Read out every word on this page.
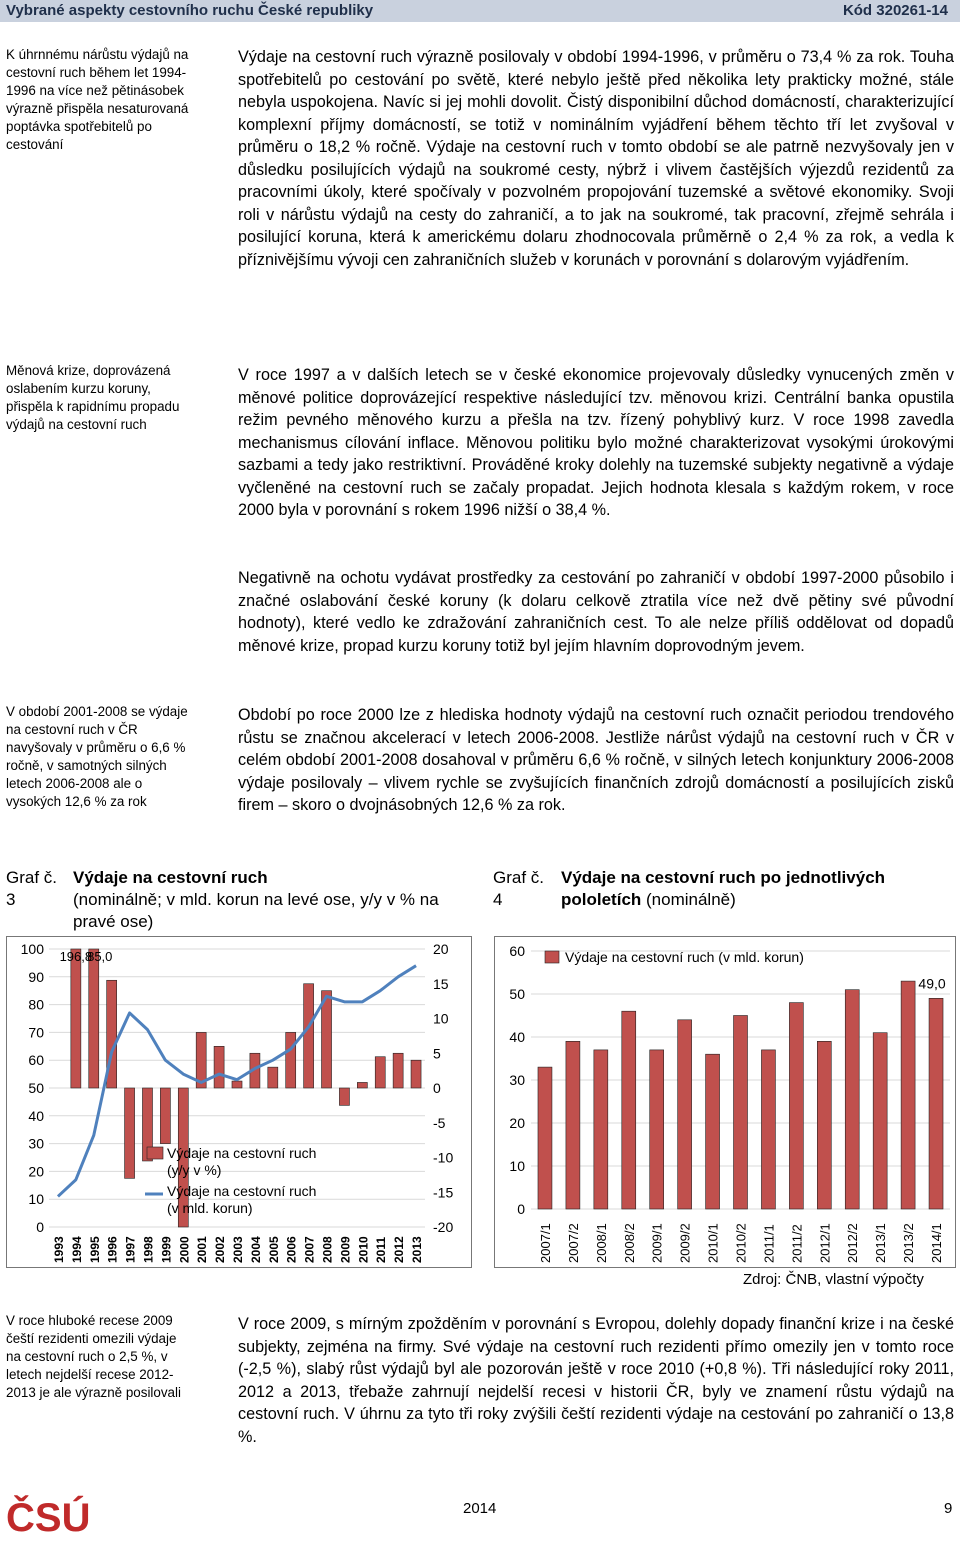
Vybrané aspekty cestovního ruchu České republiky	Kód 320261-14
K úhrnnému nárůstu výdajů na cestovní ruch během let 1994-1996 na více než pětinásobek výrazně přispěla nesaturovaná poptávka spotřebitelů po cestování
Měnová krize, doprovázená oslabením kurzu koruny, přispěla k rapidnímu propadu výdajů na cestovní ruch
V období 2001-2008 se výdaje na cestovní ruch v ČR navyšovaly v průměru o 6,6 % ročně, v samotných silných letech 2006-2008 ale o vysokých 12,6 % za rok
V roce hluboké recese 2009 čeští rezidenti omezili výdaje na cestovní ruch o 2,5 %, v letech nejdelší recese 2012-2013 je ale výrazně posilovali
Výdaje na cestovní ruch výrazně posilovaly v období 1994-1996, v průměru o 73,4 % za rok. Touha spotřebitelů po cestování po světě, které nebylo ještě před několika lety prakticky možné, stále nebyla uspokojena. Navíc si jej mohli dovolit. Čistý disponibilní důchod domácností, charakterizující komplexní příjmy domácností, se totiž v nominálním vyjádření během těchto tří let zvyšoval v průměru o 18,2 % ročně. Výdaje na cestovní ruch v tomto období se ale patrně nezvyšovaly jen v důsledku posilujících výdajů na soukromé cesty, nýbrž i vlivem častějších výjezdů rezidentů za pracovními úkoly, které spočívaly v pozvolném propojování tuzemské a světové ekonomiky. Svoji roli v nárůstu výdajů na cesty do zahraničí, a to jak na soukromé, tak pracovní, zřejmě sehrála i posilující koruna, která k americkému dolaru zhodnocovala průměrně o 2,4 % za rok, a vedla k příznivějšímu vývoji cen zahraničních služeb v korunách v porovnání s dolarovým vyjádřením.
V roce 1997 a v dalších letech se v české ekonomice projevovaly důsledky vynucených změn v měnové politice doprovázející respektive následující tzv. měnovou krizi. Centrální banka opustila režim pevného měnového kurzu a přešla na tzv. řízený pohyblivý kurz. V roce 1998 zavedla mechanismus cílování inflace. Měnovou politiku bylo možné charakterizovat vysokými úrokovými sazbami a tedy jako restriktivní. Prováděné kroky dolehly na tuzemské subjekty negativně a výdaje vyčleněné na cestovní ruch se začaly propadat. Jejich hodnota klesala s každým rokem, v roce 2000 byla v porovnání s rokem 1996 nižší o 38,4 %.
Negativně na ochotu vydávat prostředky za cestování po zahraničí v období 1997-2000 působilo i značné oslabování české koruny (k dolaru celkově ztratila více než dvě pětiny své původní hodnoty), které vedlo ke zdražování zahraničních cest. To ale nelze příliš oddělovat od dopadů měnové krize, propad kurzu koruny totiž byl jejím hlavním doprovodným jevem.
Období po roce 2000 lze z hlediska hodnoty výdajů na cestovní ruch označit periodou trendového růstu se značnou akcelerací v letech 2006-2008. Jestliže nárůst výdajů na cestovní ruch v ČR v celém období 2001-2008 dosahoval v průměru 6,6 % ročně, v silných letech konjunktury 2006-2008 výdaje posilovaly – vlivem rychle se zvyšujících finančních zdrojů domácností a posilujících zisků firem – skoro o dvojnásobných 12,6 % za rok.
V roce 2009, s mírným zpožděním v porovnání s Evropou, dolehly dopady finanční krize i na české subjekty, zejména na firmy. Své výdaje na cestovní ruch rezidenti přímo omezily jen v tomto roce (-2,5 %), slabý růst výdajů byl ale pozorován ještě v roce 2010 (+0,8 %). Tři následující roky 2011, 2012 a 2013, třebaže zahrnují nejdelší recesi v historii ČR, byly ve znamení růstu výdajů na cestovní ruch. V úhrnu za tyto tři roky zvýšili čeští rezidenti výdaje na cestování po zahraničí o 13,8 %.
Graf č. 3
Výdaje na cestovní ruch
(nominálně; v mld. korun na levé ose, y/y v % na pravé ose)
Graf č. 4
Výdaje na cestovní ruch po jednotlivých pololetích (nominálně)
0
10
20
30
40
50
60
70
80
90
100
-20
-15
-10
-5
0
5
10
15
20
196,8
85,0
Výdaje na cestovní ruch
(y/y v %)
Výdaje na cestovní ruch
(v mld. korun)
1993 1994 1995 1996 1997 1998 1999 2000 2001 2002 2003 2004 2005 2006 2007 2008 2009 2010 2011 2012 2013
0
10
20
30
40
50
60
49,0
Výdaje na cestovní ruch (v mld. korun)
2007/1 2007/2 2008/1 2008/2 2009/1 2009/2 2010/1 2010/2 2011/1 2011/2 2012/1 2012/2 2013/1 2013/2 2014/1
Zdroj: ČNB, vlastní výpočty
ČSÚ	2014	9
